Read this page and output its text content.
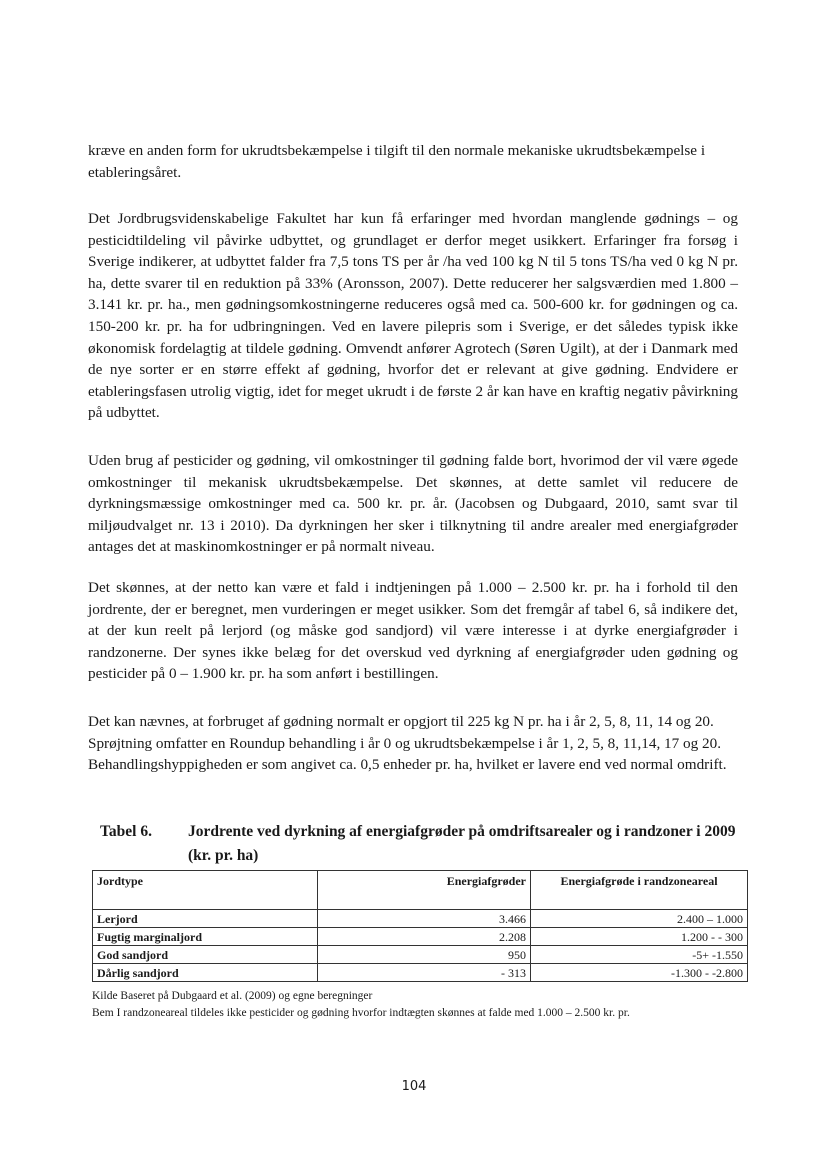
kræve en anden form for ukrudtsbekæmpelse i tilgift til den normale mekaniske ukrudtsbekæmpelse i etableringsåret.

Det Jordbrugsvidenskabelige Fakultet har kun få erfaringer med hvordan manglende gødnings – og pesticidtildeling vil påvirke udbyttet, og grundlaget er derfor meget usikkert. Erfaringer fra forsøg i Sverige indikerer, at udbyttet falder fra 7,5 tons TS per år /ha ved 100 kg N til 5 tons TS/ha ved 0 kg N pr. ha, dette svarer til en reduktion på 33% (Aronsson, 2007). Dette reducerer her salgsværdien med 1.800 – 3.141 kr. pr. ha., men gødningsomkostningerne reduceres også med ca. 500-600 kr. for gødningen og ca. 150-200 kr. pr. ha for udbringningen. Ved en lavere pilepris som i Sverige, er det således typisk ikke økonomisk fordelagtig at tildele gødning. Omvendt anfører Agrotech (Søren Ugilt), at der i Danmark med de nye sorter er en større effekt af gødning, hvorfor det er relevant at give gødning. Endvidere er etableringsfasen utrolig vigtig, idet for meget ukrudt i de første 2 år kan have en kraftig negativ påvirkning på udbyttet.

Uden brug af pesticider og gødning, vil omkostninger til gødning falde bort, hvorimod der vil være øgede omkostninger til mekanisk ukrudtsbekæmpelse. Det skønnes, at dette samlet vil reducere de dyrkningsmæssige omkostninger med ca. 500 kr. pr. år. (Jacobsen og Dubgaard, 2010, samt svar til miljøudvalget nr. 13 i 2010). Da dyrkningen her sker i tilknytning til andre arealer med energiafgrøder antages det at maskinomkostninger er på normalt niveau.

Det skønnes, at der netto kan være et fald i indtjeningen på 1.000 – 2.500 kr. pr. ha i forhold til den jordrente, der er beregnet, men vurderingen er meget usikker. Som det fremgår af tabel 6, så indikere det, at der kun reelt på lerjord (og måske god sandjord) vil være interesse i at dyrke energiafgrøder i randzonerne. Der synes ikke belæg for det overskud ved dyrkning af energiafgrøder uden gødning og pesticider på 0 – 1.900 kr. pr. ha som anført i bestillingen.

Det kan nævnes, at forbruget af gødning normalt er opgjort til 225 kg N pr. ha i år 2, 5, 8, 11, 14 og 20. Sprøjtning omfatter en Roundup behandling i år 0 og ukrudtsbekæmpelse i år 1, 2, 5, 8, 11,14, 17 og 20. Behandlingshyppigheden er som angivet ca. 0,5 enheder pr. ha, hvilket er lavere end ved normal omdrift.

Tabel 6. Jordrente ved dyrkning af energiafgrøder på omdriftsarealer og i randzoner i 2009 (kr. pr. ha)
Jordtype	Energiafgrøder	Energiafgrøde i randzoneareal
Lerjord	3.466	2.400 – 1.000
Fugtig marginaljord	2.208	1.200 - - 300
God sandjord	950	-5+ -1.550
Dårlig sandjord	- 313	-1.300 - -2.800
Kilde Baseret på Dubgaard et al. (2009) og egne beregninger
Bem I randzoneareal tildeles ikke pesticider og gødning hvorfor indtægten skønnes at falde med 1.000 – 2.500 kr. pr.
104
